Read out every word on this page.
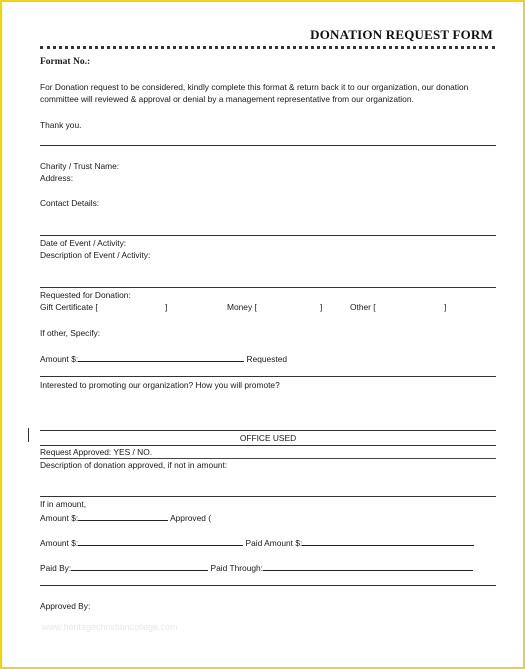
DONATION REQUEST FORM
Format No.:
For Donation request to be considered, kindly complete this format & return back it to our organization, our donation committee will reviewed & approval or denial by a management representative from our organization.
Thank you.
Charity / Trust Name:
Address:
Contact Details:
Date of Event / Activity:
Description of Event / Activity:
Requested for Donation:
Gift Certificate [	]	Money [	]	Other [	]
If other, Specify:
Amount $:	Requested
Interested to promoting our organization? How you will promote?
OFFICE USED
Request Approved: YES / NO.
Description of donation approved, if not in amount:
If in amount,
Amount $:	Approved (
Amount $:	Paid Amount $:
Paid By:	Paid Through:
Approved By:
www.heritagechristiancollege.com
